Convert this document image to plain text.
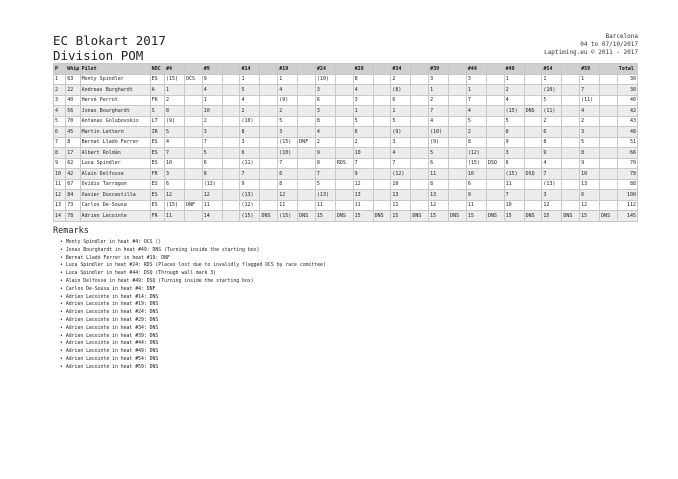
EC Blokart 2017
Division POM
Barcelona
04 to 07/10/2017
Laptiming.eu © 2011 - 2017
P	Whip	Pilot	NOC	#4		#9		#14		#19		#24		#29		#34		#39		#44		#49		#54		#59		Total
1	63	Monty Spindler	ES	(15)	OCS	9		1		1		(10)		8		2		3		3		1		1		1		30
2	22	Andreas Burghardt	A	1		4		5		4		3		4		(8)		1		1		2		(10)		7		30
3	40	Hervé Perrot	FR	2		1		4		(9)		6		3		6		2		7		4		5		(11)		40
4	56	Jonas Bourghardt	S	8		10		2		2		3		1		1		7		4		(15)	DNS	(11)		4		42
5	70	Antanas Golubovskis	LT	(9)		2		(10)		5		8		5		5		4		5		5		2		2		43
6	45	Martin Lettern	IR	5		3		8		3		4		6		(9)		(10)		2		8		6		3		48
7	8	Bernat Lladó Ferrer	ES	4		7		3		(15)	DNF	2		2		3		(9)		8		9		8		5		51
8	17	Albert Roldán	ES	7		5		6		(10)		9		10		4		5		(12)		3		9		8		66
9	62	Luca Spindler	ES	10		6		(11)		7		8	RDS	7		7		6		(15)	DSQ	6		4		9		70
10	42	Alain Delfosse	FR	3		8		7		6		7		9		(12)		11		10		(15)	DSQ	7		10		78
11	67	Ovidio Tarragon	ES	6		(13)		9		8		5		12		10		8		6		11		(13)		13		88
12	84	Xavier Duscastilla	ES	12		12		(13)		12		(13)		13		13		13		9		7		3		6		100
13	73	Carlos De-Sousa	ES	(15)	DNF	11		(12)		11		11		11		11		12		11		10		12		12		112
14	78	Adrien Lecointe	FR	11		14		(15)	DNS	(15)	DNS	15	DNS	15	DNS	15	DNS	15	DNS	15	DNS	15	DNS	15	DNS	15	DNS	145
Remarks
• Monty Spindler in heat #4: OCS ()
• Jonas Bourghardt in heat #49: DNS (Turning inside the starting box)
• Bernat Lladó Ferrer in heat #19: DNF
• Luca Spindler in heat #24: RDS (Places lost due to invalidly flagged OCS by race comittee)
• Luca Spindler in heat #44: DSQ (Through wall mark 3)
• Alain Delfosse in heat #49: DSQ (Turning inside the starting box)
• Carlos De-Sousa in heat #4: DNF
• Adrien Lecointe in heat #14: DNS
• Adrien Lecointe in heat #19: DNS
• Adrien Lecointe in heat #24: DNS
• Adrien Lecointe in heat #29: DNS
• Adrien Lecointe in heat #34: DNS
• Adrien Lecointe in heat #39: DNS
• Adrien Lecointe in heat #44: DNS
• Adrien Lecointe in heat #49: DNS
• Adrien Lecointe in heat #54: DNS
• Adrien Lecointe in heat #59: DNS
